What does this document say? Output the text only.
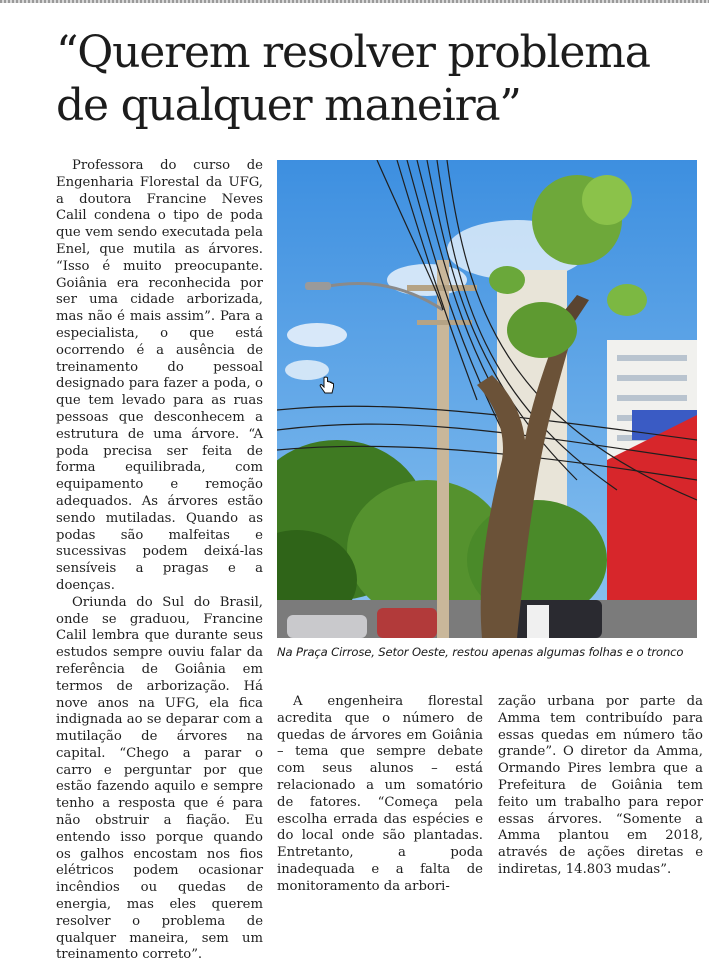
“Querem resolver problema
de qualquer maneira”

Professora do curso de Engenharia Florestal da UFG, a doutora Francine Neves Calil condena o tipo de poda que vem sendo executada pela Enel, que mutila as árvores. “Isso é muito preocupante. Goiânia era reconhecida por ser uma cidade arborizada, mas não é mais assim”. Para a especialista, o que está ocorrendo é a ausência de treinamento do pessoal designado para fazer a poda, o que tem levado para as ruas pessoas que desconhecem a estrutura de uma árvore. “A poda precisa ser feita de forma equilibrada, com equipamento e remoção adequados. As árvores estão sendo mutiladas. Quando as podas são malfeitas e sucessivas podem deixá-las sensíveis a pragas e a doenças.

Oriunda do Sul do Brasil, onde se graduou, Francine Calil lembra que durante seus estudos sempre ouviu falar da referência de Goiânia em termos de arborização. Há nove anos na UFG, ela fica indignada ao se deparar com a mutilação de árvores na capital. “Chego a parar o carro e perguntar por que estão fazendo aquilo e sempre tenho a resposta que é para não obstruir a fiação. Eu entendo isso porque quando os galhos encostam nos fios elétricos podem ocasionar incêndios ou quedas de energia, mas eles querem resolver o problema de qualquer maneira, sem um treinamento correto”.

Na Praça Cirrose, Setor Oeste, restou apenas algumas folhas e o tronco

A engenheira florestal acredita que o número de quedas de árvores em Goiânia – tema que sempre debate com seus alunos – está relacionado a um somatório de fatores. “Começa pela escolha errada das espécies e do local onde são plantadas. Entretanto, a poda inadequada e a falta de monitoramento da arbori-

zação urbana por parte da Amma tem contribuído para essas quedas em número tão grande”. O diretor da Amma, Ormando Pires lembra que a Prefeitura de Goiânia tem feito um trabalho para repor essas árvores. “Somente a Amma plantou em 2018, através de ações diretas e indiretas, 14.803 mudas”.
